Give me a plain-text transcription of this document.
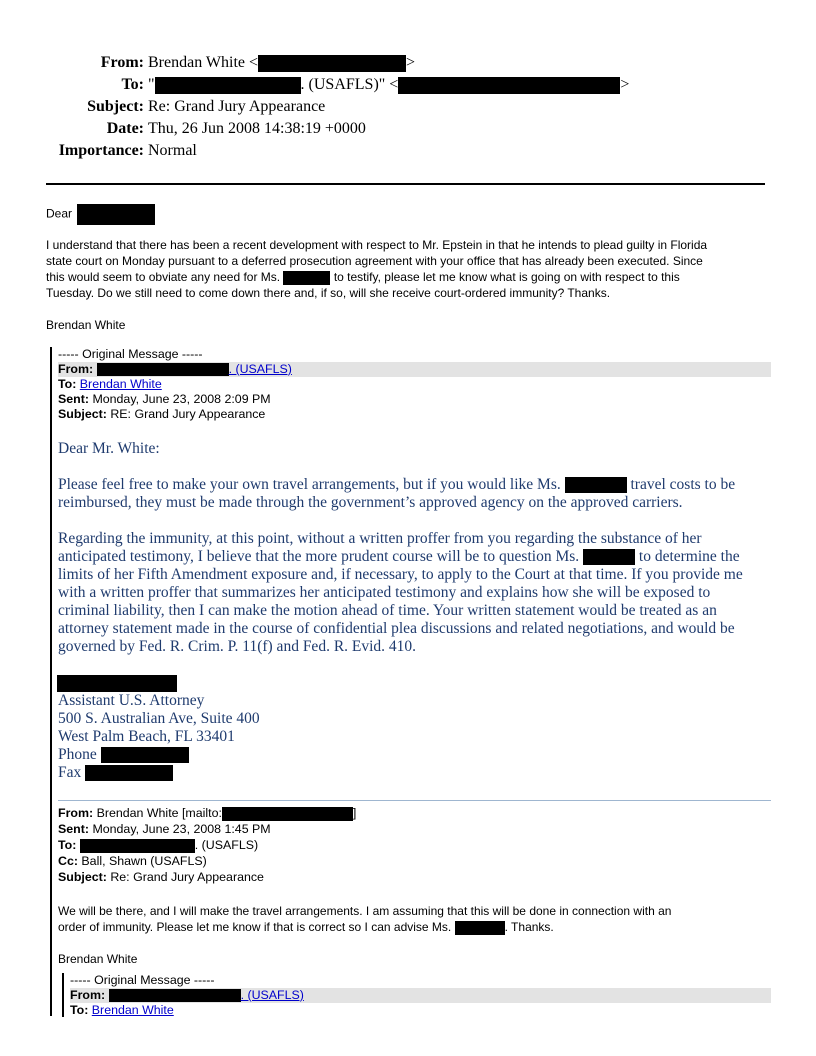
From: Brendan White <	>
To: "	. (USAFLS)" <	>
Subject: Re: Grand Jury Appearance
Date: Thu, 26 Jun 2008 14:38:19 +0000
Importance: Normal
Dear
I understand that there has been a recent development with respect to Mr. Epstein in that he intends to plead guilty in Florida
state court on Monday pursuant to a deferred prosecution agreement with your office that has already been executed. Since
this would seem to obviate any need for Ms.	to testify, please let me know what is going on with respect to this
Tuesday. Do we still need to come down there and, if so, will she receive court-ordered immunity? Thanks.
Brendan White
----- Original Message -----
From:	. (USAFLS)
To: Brendan White
Sent: Monday, June 23, 2008 2:09 PM
Subject: RE: Grand Jury Appearance
Dear Mr. White:
Please feel free to make your own travel arrangements, but if you would like Ms.	travel costs to be
reimbursed, they must be made through the government’s approved agency on the approved carriers.
Regarding the immunity, at this point, without a written proffer from you regarding the substance of her
anticipated testimony, I believe that the more prudent course will be to question Ms.	to determine the
limits of her Fifth Amendment exposure and, if necessary, to apply to the Court at that time. If you provide me
with a written proffer that summarizes her anticipated testimony and explains how she will be exposed to
criminal liability, then I can make the motion ahead of time. Your written statement would be treated as an
attorney statement made in the course of confidential plea discussions and related negotiations, and would be
governed by Fed. R. Crim. P. 11(f) and Fed. R. Evid. 410.
Assistant U.S. Attorney
500 S. Australian Ave, Suite 400
West Palm Beach, FL 33401
Phone
Fax
From: Brendan White [mailto:	]
Sent: Monday, June 23, 2008 1:45 PM
To:	. (USAFLS)
Cc: Ball, Shawn (USAFLS)
Subject: Re: Grand Jury Appearance
We will be there, and I will make the travel arrangements. I am assuming that this will be done in connection with an
order of immunity. Please let me know if that is correct so I can advise Ms.	. Thanks.
Brendan White
----- Original Message -----
From:	. (USAFLS)
To: Brendan White
